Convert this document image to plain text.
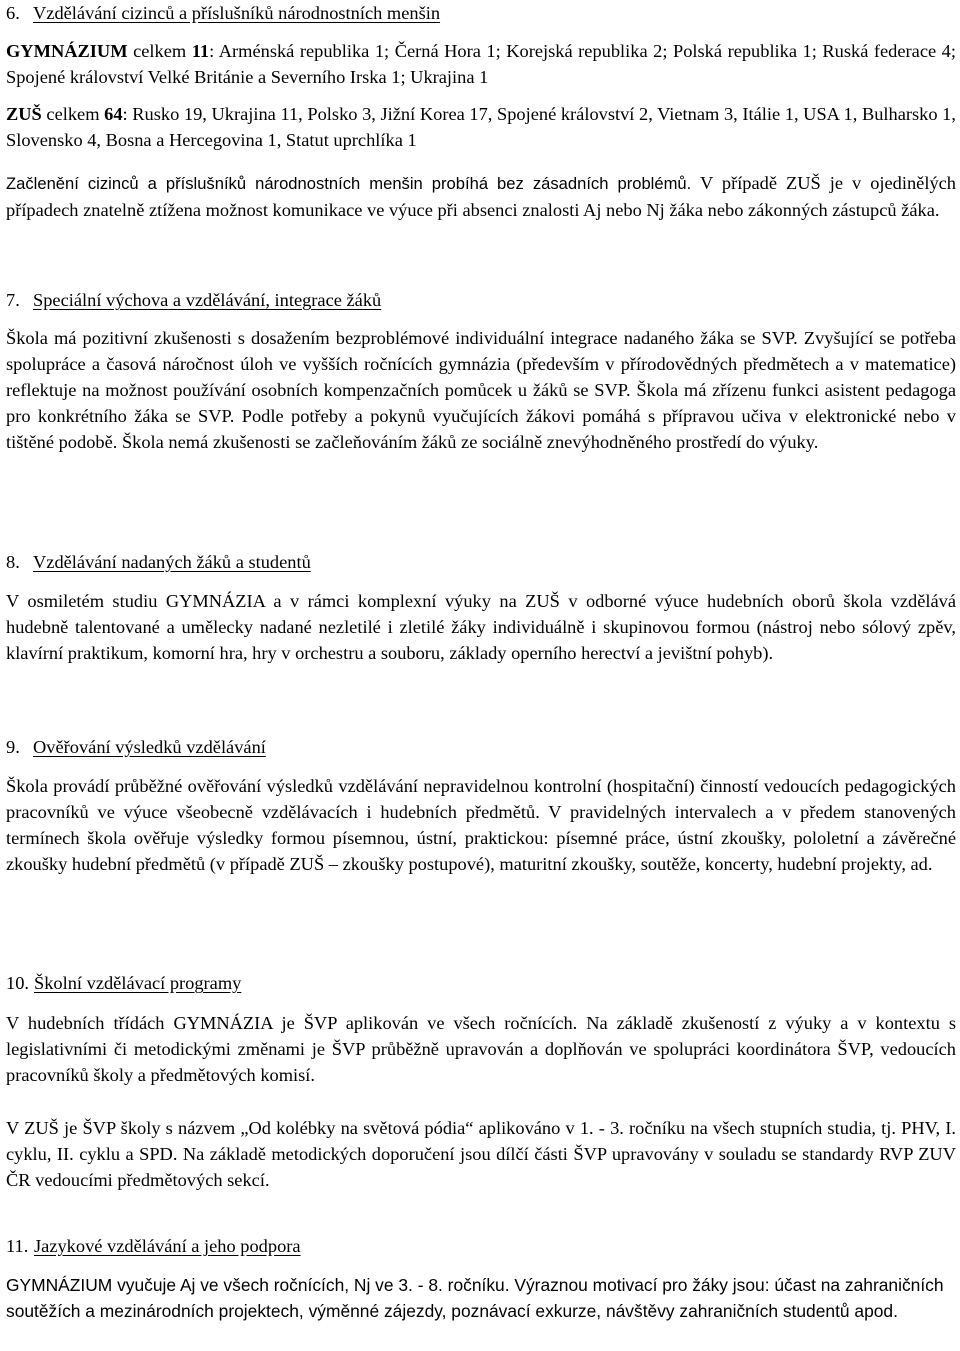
6. Vzdělávání cizinců a příslušníků národnostních menšin
GYMNÁZIUM celkem 11: Arménská republika 1; Černá Hora 1; Korejská republika 2; Polská republika 1; Ruská federace 4; Spojené království Velké Británie a Severního Irska 1; Ukrajina 1
ZUŠ celkem 64: Rusko 19, Ukrajina 11, Polsko 3, Jižní Korea 17, Spojené království 2, Vietnam 3, Itálie 1, USA 1, Bulharsko 1, Slovensko 4, Bosna a Hercegovina 1, Statut uprchlíka 1
Začlenění cizinců a příslušníků národnostních menšin probíhá bez zásadních problémů. V případě ZUŠ je v ojedinělých případech znatelně ztížena možnost komunikace ve výuce při absenci znalosti Aj nebo Nj žáka nebo zákonných zástupců žáka.
7. Speciální výchova a vzdělávání, integrace žáků
Škola má pozitivní zkušenosti s dosažením bezproblémové individuální integrace nadaného žáka se SVP. Zvyšující se potřeba spolupráce a časová náročnost úloh ve vyšších ročnících gymnázia (především v přírodovědných předmětech a v matematice) reflektuje na možnost používání osobních kompenzačních pomůcek u žáků se SVP. Škola má zřízenu funkci asistent pedagoga pro konkrétního žáka se SVP. Podle potřeby a pokynů vyučujících žákovi pomáhá s přípravou učiva v elektronické nebo v tištěné podobě. Škola nemá zkušenosti se začleňováním žáků ze sociálně znevýhodněného prostředí do výuky.
8. Vzdělávání nadaných žáků a studentů
V osmiletém studiu GYMNÁZIA a v rámci komplexní výuky na ZUŠ v odborné výuce hudebních oborů škola vzdělává hudebně talentované a umělecky nadané nezletilé i zletilé žáky individuálně i skupinovou formou (nástroj nebo sólový zpěv, klavírní praktikum, komorní hra, hry v orchestru a souboru, základy operního herectví a jevištní pohyb).
9. Ověřování výsledků vzdělávání
Škola provádí průběžné ověřování výsledků vzdělávání nepravidelnou kontrolní (hospitační) činností vedoucích pedagogických pracovníků ve výuce všeobecně vzdělávacích i hudebních předmětů. V pravidelných intervalech a v předem stanovených termínech škola ověřuje výsledky formou písemnou, ústní, praktickou: písemné práce, ústní zkoušky, pololetní a závěrečné zkoušky hudební předmětů (v případě ZUŠ – zkoušky postupové), maturitní zkoušky, soutěže, koncerty, hudební projekty, ad.
10. Školní vzdělávací programy
V hudebních třídách GYMNÁZIA je ŠVP aplikován ve všech ročnících. Na základě zkušeností z výuky a v kontextu s legislativními či metodickými změnami je ŠVP průběžně upravován a doplňován ve spolupráci koordinátora ŠVP, vedoucích pracovníků školy a předmětových komisí.
V ZUŠ je ŠVP školy s názvem „Od kolébky na světová pódia“ aplikováno v 1. - 3. ročníku na všech stupních studia, tj. PHV, I. cyklu, II. cyklu a SPD. Na základě metodických doporučení jsou dílčí části ŠVP upravovány v souladu se standardy RVP ZUV ČR vedoucími předmětových sekcí.
11. Jazykové vzdělávání a jeho podpora
GYMNÁZIUM vyučuje Aj ve všech ročnících, Nj ve 3. - 8. ročníku. Výraznou motivací pro žáky jsou: účast na zahraničních soutěžích a mezinárodních projektech, výměnné zájezdy, poznávací exkurze, návštěvy zahraničních studentů apod.
